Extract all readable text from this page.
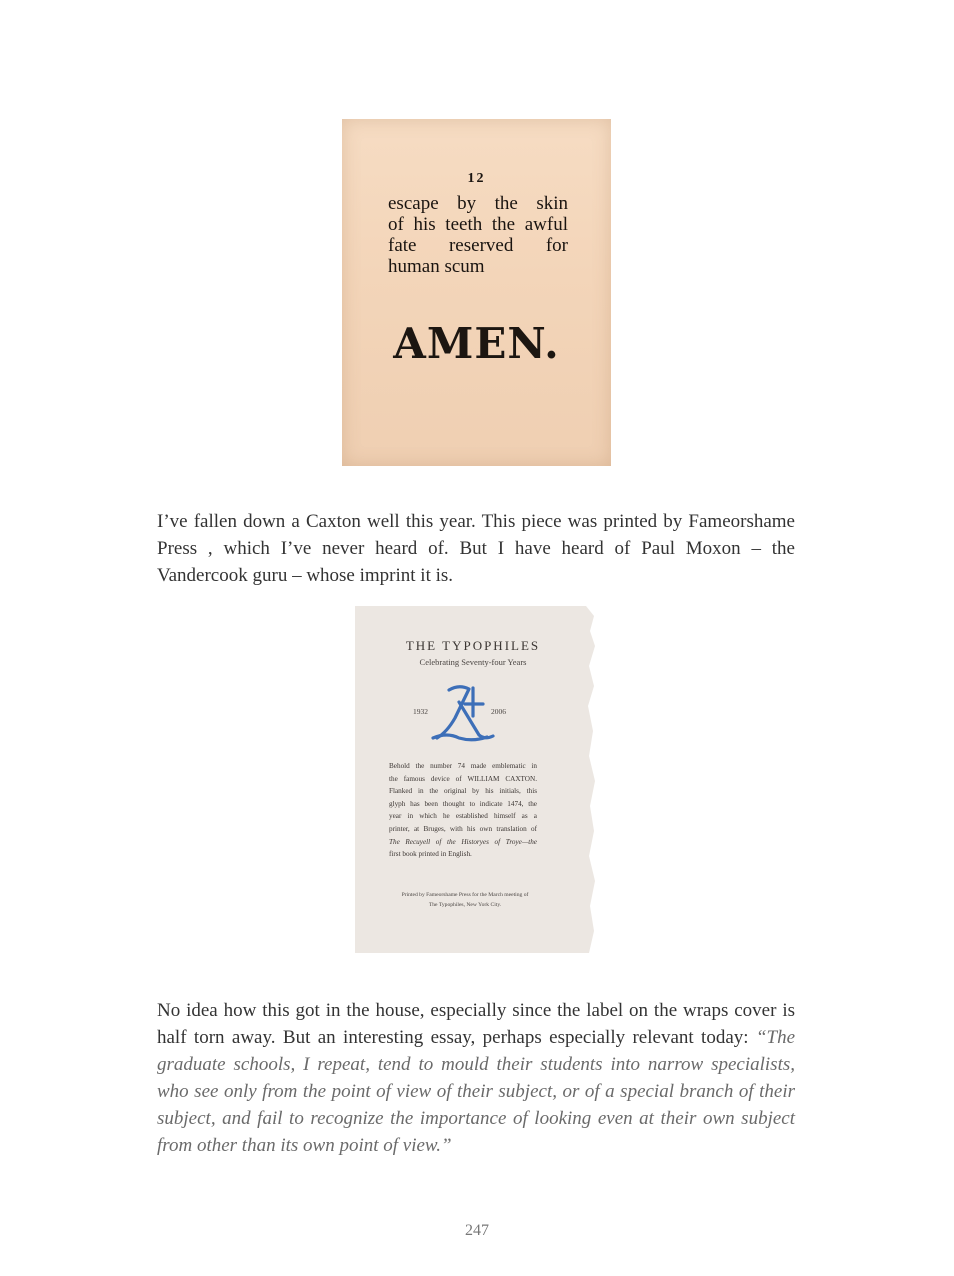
12
escape by the skin
of his teeth the awful
fate reserved for
human scum
AMEN.
I’ve fallen down a Caxton well this year. This piece was printed by Fameorshame Press , which I’ve never heard of. But I have heard of Paul Moxon – the Vandercook guru – whose imprint it is.
THE TYPOPHILES
Celebrating Seventy-four Years
1932	2006
Behold the number 74 made emblematic in
the famous device of WILLIAM CAXTON.
Flanked in the original by his initials, this
glyph has been thought to indicate 1474, the
year in which he established himself as a
printer, at Bruges, with his own translation of
The Recuyell of the Historyes of Troye—the
first book printed in English.
Printed by Fameorshame Press for the March meeting of
The Typophiles, New York City.
No idea how this got in the house, especially since the label on the wraps cover is half torn away. But an interesting essay, perhaps especially relevant today: “The graduate schools, I repeat, tend to mould their students into narrow specialists, who see only from the point of view of their subject, or of a special branch of their subject, and fail to recognize the importance of looking even at their own subject from other than its own point of view.”
247
